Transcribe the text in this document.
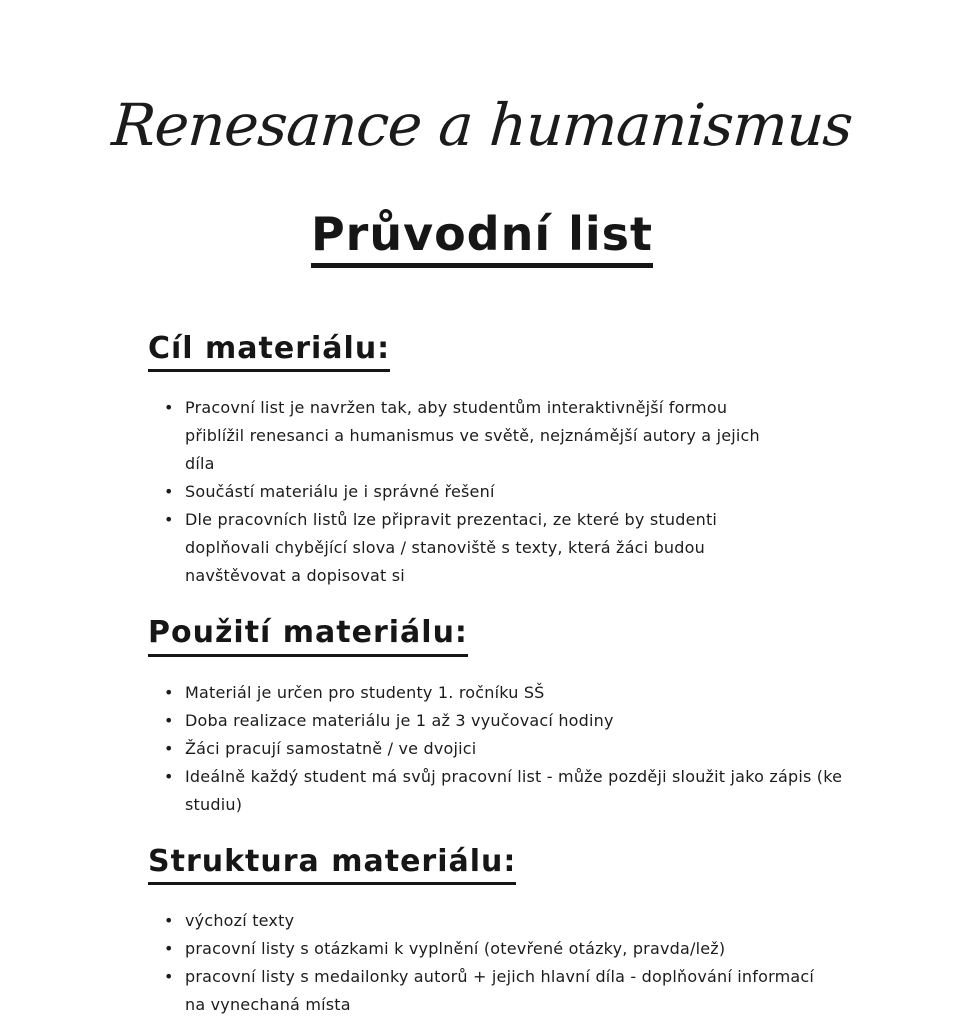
Renesance a humanismus
Průvodní list
Cíl materiálu:
• Pracovní list je navržen tak, aby studentům interaktivnější formou přiblížil renesanci a humanismus ve světě, nejznámější autory a jejich díla
• Součástí materiálu je i správné řešení
• Dle pracovních listů lze připravit prezentaci, ze které by studenti doplňovali chybějící slova / stanoviště s texty, která žáci budou navštěvovat a dopisovat si
Použití materiálu:
• Materiál je určen pro studenty 1. ročníku SŠ
• Doba realizace materiálu je 1 až 3 vyučovací hodiny
• Žáci pracují samostatně / ve dvojici
• Ideálně každý student má svůj pracovní list - může později sloužit jako zápis (ke studiu)
Struktura materiálu:
• výchozí texty
• pracovní listy s otázkami k vyplnění (otevřené otázky, pravda/lež)
• pracovní listy s medailonky autorů + jejich hlavní díla - doplňování informací na vynechaná místa
